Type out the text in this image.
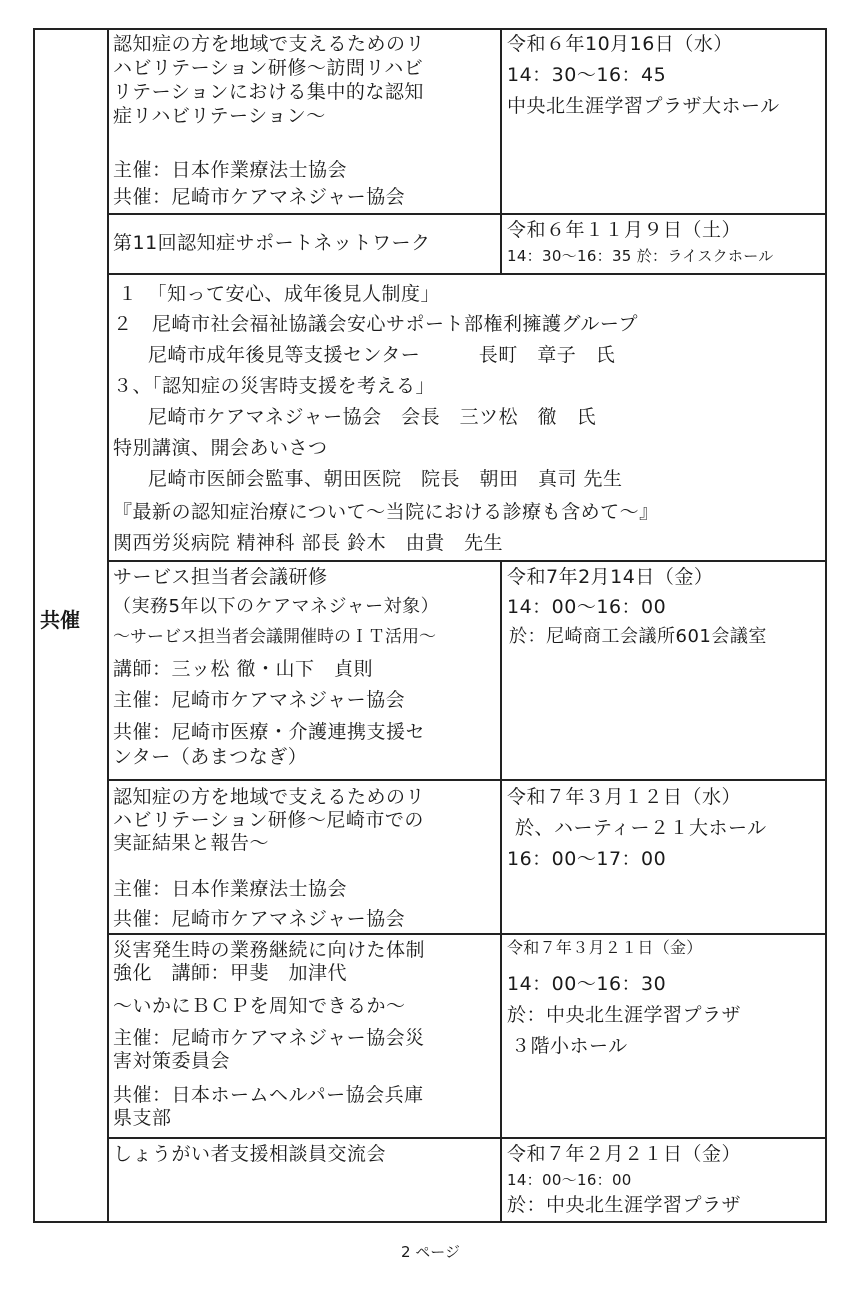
共催
認知症の方を地域で支えるためのリ
ハビリテーション研修～訪問リハビ
リテーションにおける集中的な認知
症リハビリテーション～
主催：日本作業療法士協会
共催：尼崎市ケアマネジャー協会
令和６年10月16日（水）
14：30～16：45
中央北生涯学習プラザ大ホール
第11回認知症サポートネットワーク
令和６年１１月９日（土）
14：30～16：35 於：ライスクホール
１　「知って安心、成年後見人制度」
２　尼崎市社会福祉協議会安心サポート部権利擁護グループ
尼崎市成年後見等支援センター　　　長町　章子　氏
３、「認知症の災害時支援を考える」
尼崎市ケアマネジャー協会　会長　三ツ松　徹　氏
特別講演、開会あいさつ
尼崎市医師会監事、朝田医院　院長　朝田　真司 先生
『最新の認知症治療について～当院における診療も含めて～』
関西労災病院 精神科 部長 鈴木　由貴　先生
サービス担当者会議研修
（実務5年以下のケアマネジャー対象）
～サービス担当者会議開催時のＩＴ活用～
講師：三ッ松 徹・山下　貞則
主催：尼崎市ケアマネジャー協会
共催：尼崎市医療・介護連携支援セ
ンター（あまつなぎ）
令和7年2月14日（金）
14：00～16：00
於：尼崎商工会議所601会議室
認知症の方を地域で支えるためのリ
ハビリテーション研修～尼崎市での
実証結果と報告～
主催：日本作業療法士協会
共催：尼崎市ケアマネジャー協会
令和７年３月１２日（水）
於、ハーティー２１大ホール
16：00～17：00
災害発生時の業務継続に向けた体制
強化　講師：甲斐　加津代
～いかにＢＣＰを周知できるか～
主催：尼崎市ケアマネジャー協会災
害対策委員会
共催：日本ホームヘルパー協会兵庫
県支部
令和７年３月２１日（金）
14：00～16：30
於：中央北生涯学習プラザ
３階小ホール
しょうがい者支援相談員交流会	令和７年２月２１日（金）
14：00～16：00
於：中央北生涯学習プラザ
2 ページ
